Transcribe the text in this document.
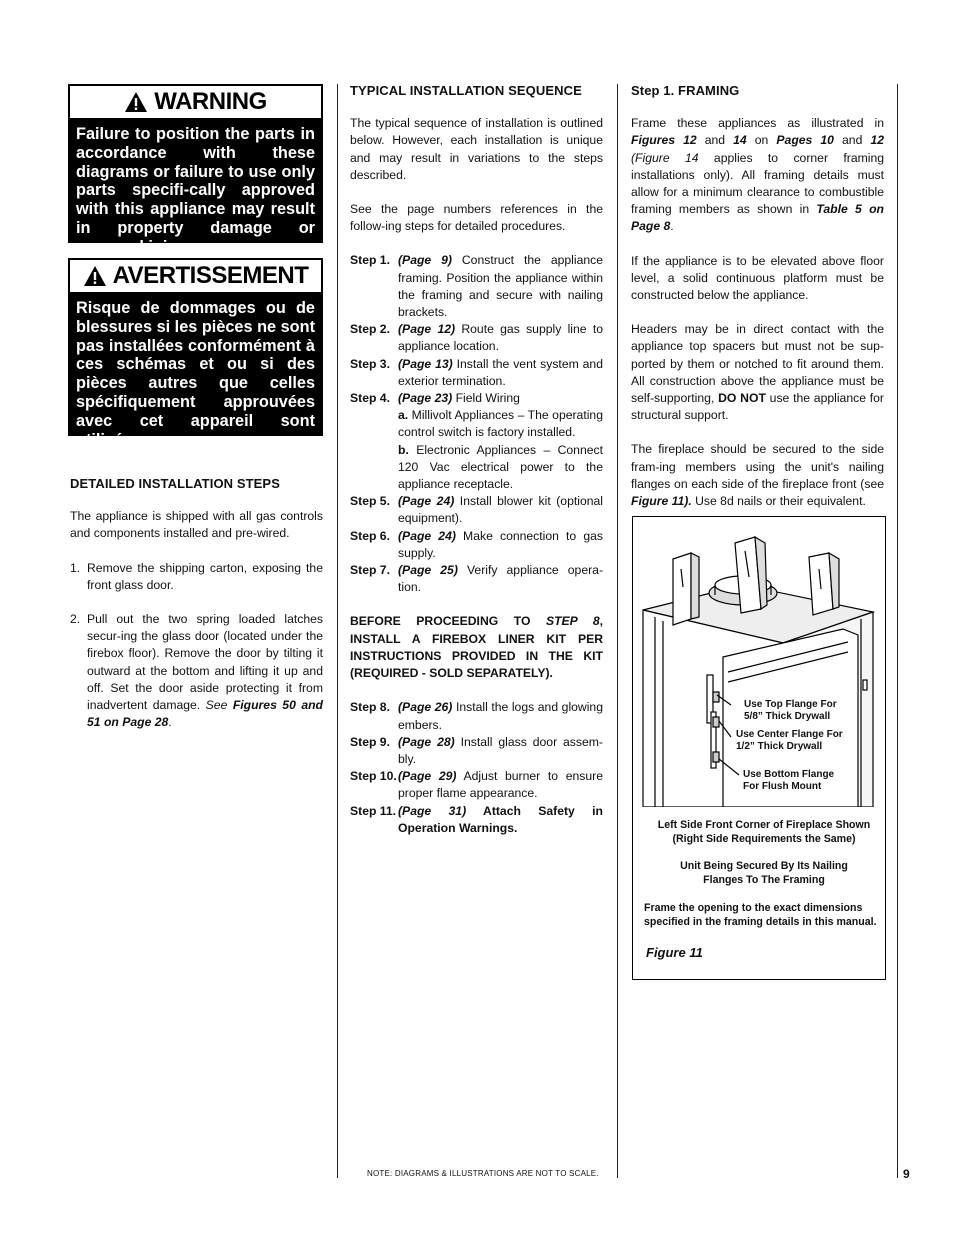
WARNING
Failure to position the parts in accordance with these diagrams or failure to use only parts specifi-cally approved with this appliance may result in property damage or personal injury.
AVERTISSEMENT
Risque de dommages ou de blessures si les pièces ne sont pas installées conformément à ces schémas et ou si des pièces autres que celles spécifiquement approuvées avec cet appareil sont utilisées.
DETAILED INSTALLATION STEPS

The appliance is shipped with all gas controls and components installed and pre-wired.

1. Remove the shipping carton, exposing the front glass door.
2. Pull out the two spring loaded latches secur-ing the glass door (located under the firebox floor). Remove the door by tilting it outward at the bottom and lifting it up and off. Set the door aside protecting it from inadvertent damage. See Figures 50 and 51 on Page 28.
TYPICAL INSTALLATION SEQUENCE

The typical sequence of installation is outlined below. However, each installation is unique and may result in variations to the steps described.

See the page numbers references in the follow-ing steps for detailed procedures.

Step 1. (Page 9) Construct the appliance framing. Position the appliance within the framing and secure with nailing brackets.
Step 2. (Page 12) Route gas supply line to appliance location.
Step 3. (Page 13) Install the vent system and exterior termination.
Step 4. (Page 23) Field Wiring
a. Millivolt Appliances – The operating control switch is factory installed.
b. Electronic Appliances – Connect 120 Vac electrical power to the appliance receptacle.
Step 5. (Page 24) Install blower kit (optional equipment).
Step 6. (Page 24) Make connection to gas supply.
Step 7. (Page 25) Verify appliance opera-tion.

BEFORE PROCEEDING TO STEP 8, INSTALL A FIREBOX LINER KIT PER INSTRUCTIONS PROVIDED IN THE KIT (REQUIRED - SOLD SEPARATELY).

Step 8. (Page 26) Install the logs and glowing embers.
Step 9. (Page 28) Install glass door assem-bly.
Step 10. (Page 29) Adjust burner to ensure proper flame appearance.
Step 11. (Page 31) Attach Safety in Operation Warnings.
Step 1. FRAMING

Frame these appliances as illustrated in Figures 12 and 14 on Pages 10 and 12 (Figure 14 applies to corner framing installations only). All framing details must allow for a minimum clearance to combustible framing members as shown in Table 5 on Page 8.

If the appliance is to be elevated above floor level, a solid continuous platform must be constructed below the appliance.

Headers may be in direct contact with the appliance top spacers but must not be sup-ported by them or notched to fit around them. All construction above the appliance must be self-supporting, DO NOT use the appliance for structural support.

The fireplace should be secured to the side fram-ing members using the unit's nailing flanges on each side of the fireplace front (see Figure 11). Use 8d nails or their equivalent.

Use Top Flange For 5/8” Thick Drywall
Use Center Flange For 1/2” Thick Drywall
Use Bottom Flange For Flush Mount
Left Side Front Corner of Fireplace Shown (Right Side Requirements the Same)
Unit Being Secured By Its Nailing Flanges To The Framing
Frame the opening to the exact dimensions specified in the framing details in this manual.
Figure 11
NOTE: DIAGRAMS & ILLUSTRATIONS ARE NOT TO SCALE.	9
